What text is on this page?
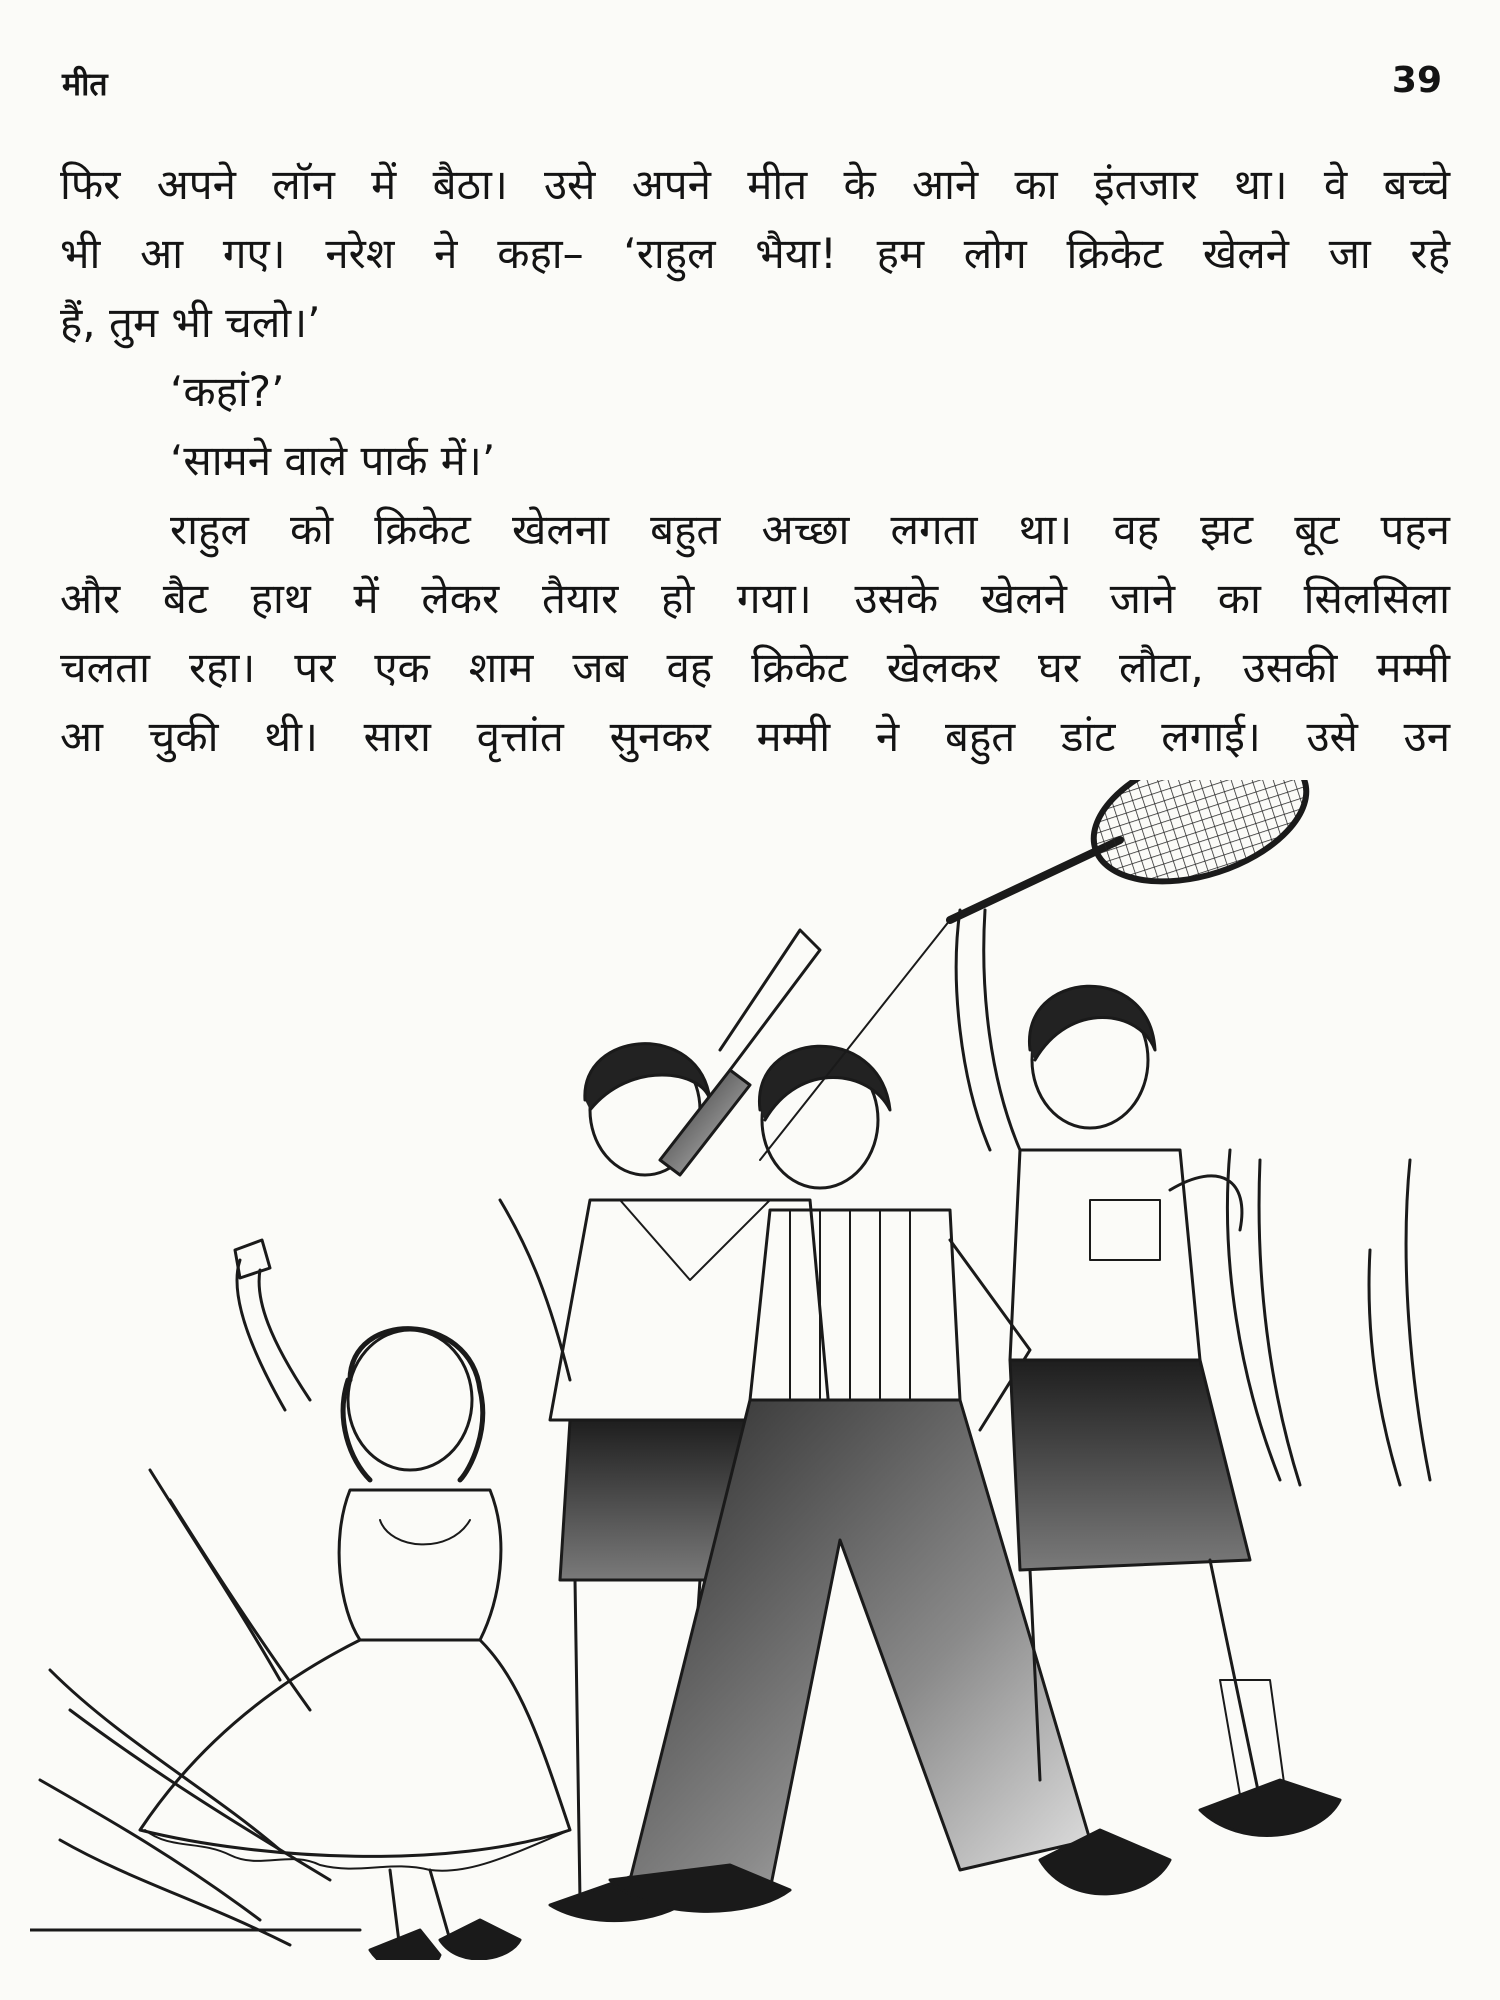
मीत	39
फिर अपने लॉन में बैठा। उसे अपने मीत के आने का इंतजार था। वे बच्चे
भी आ गए। नरेश ने कहा– ‘राहुल भैया! हम लोग क्रिकेट खेलने जा रहे
हैं, तुम भी चलो।’
‘कहां?’
‘सामने वाले पार्क में।’
राहुल को क्रिकेट खेलना बहुत अच्छा लगता था। वह झट बूट पहन
और बैट हाथ में लेकर तैयार हो गया। उसके खेलने जाने का सिलसिला
चलता रहा। पर एक शाम जब वह क्रिकेट खेलकर घर लौटा, उसकी मम्मी
आ चुकी थी। सारा वृत्तांत सुनकर मम्मी ने बहुत डांट लगाई। उसे उन
